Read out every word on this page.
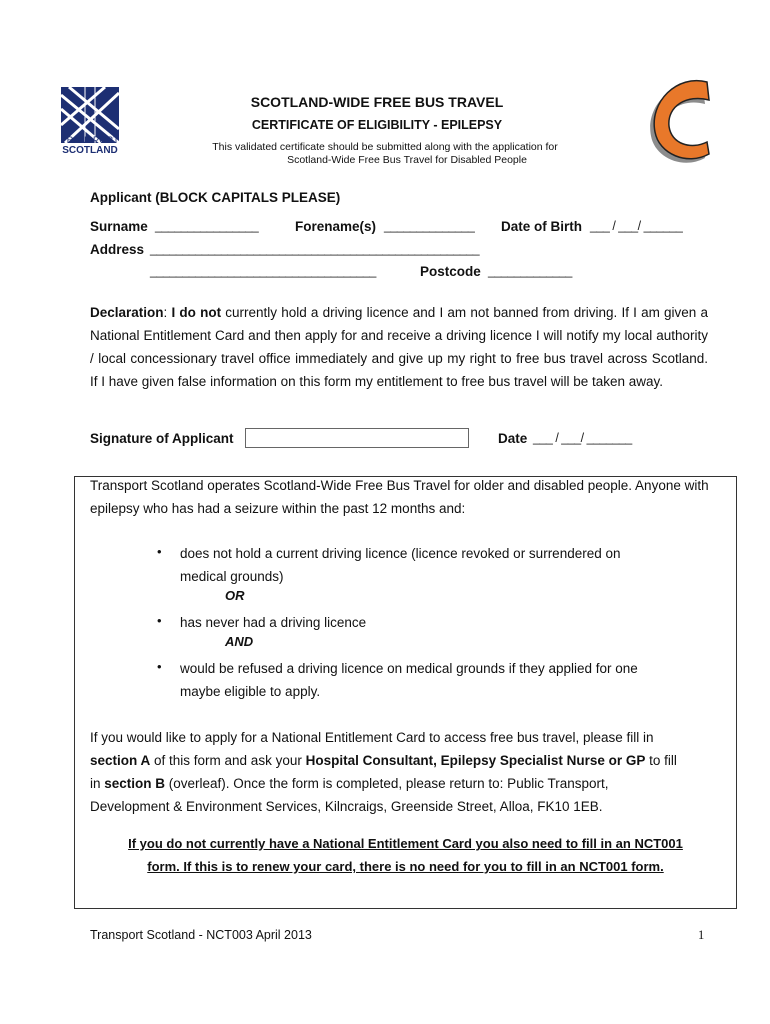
TRANSPORT
SCOTLAND
SCOTLAND-WIDE FREE BUS TRAVEL
CERTIFICATE OF ELIGIBILITY - EPILEPSY
This validated certificate should be submitted along with the application for
Scotland-Wide Free Bus Travel for Disabled People
Applicant (BLOCK CAPITALS PLEASE)
Surname ________________	Forename(s) ______________ Date of Birth ___ / ___/ ______
Address ___________________________________________________
___________________________________	Postcode _____________
Declaration: I do not currently hold a driving licence and I am not banned from driving. If I am given a National Entitlement Card and then apply for and receive a driving licence I will notify my local authority / local concessionary travel office immediately and give up my right to free bus travel across Scotland. If I have given false information on this form my entitlement to free bus travel will be taken away.
Signature of Applicant	Date ___ / ___/ _______
Transport Scotland operates Scotland-Wide Free Bus Travel for older and disabled people. Anyone with
epilepsy who has had a seizure within the past 12 months and:
• does not hold a current driving licence (licence revoked or surrendered on
medical grounds)
OR
• has never had a driving licence
AND
• would be refused a driving licence on medical grounds if they applied for one
maybe eligible to apply.
If you would like to apply for a National Entitlement Card to access free bus travel, please fill in
section A of this form and ask your Hospital Consultant, Epilepsy Specialist Nurse or GP to fill
in section B (overleaf). Once the form is completed, please return to: Public Transport,
Development & Environment Services, Kilncraigs, Greenside Street, Alloa, FK10 1EB.
If you do not currently have a National Entitlement Card you also need to fill in an NCT001
form. If this is to renew your card, there is no need for you to fill in an NCT001 form.
Transport Scotland - NCT003 April 2013	1
